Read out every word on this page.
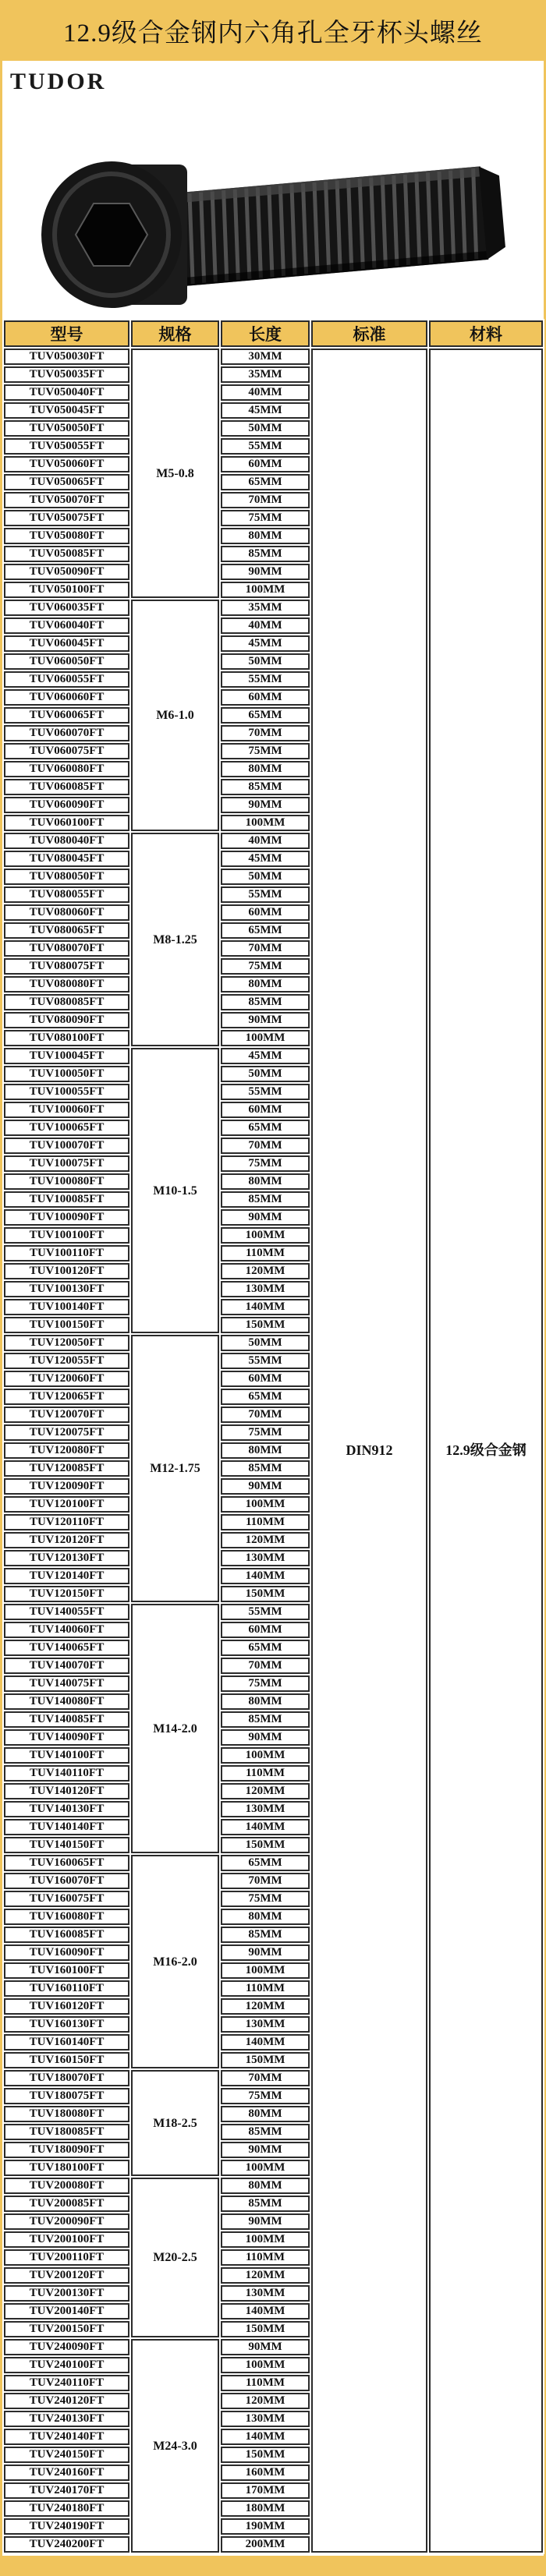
12.9级合金钢内六角孔全牙杯头螺丝
TUDOR
型号	规格	长度	标准	材料
TUV050030FT	M5-0.8	30MM	DIN912	12.9级合金钢
TUV050035FT		35MM		
TUV050040FT		40MM		
TUV050045FT		45MM		
TUV050050FT		50MM		
TUV050055FT		55MM		
TUV050060FT		60MM		
TUV050065FT		65MM		
TUV050070FT		70MM		
TUV050075FT		75MM		
TUV050080FT		80MM		
TUV050085FT		85MM		
TUV050090FT		90MM		
TUV050100FT		100MM		
TUV060035FT	M6-1.0	35MM		
TUV060040FT		40MM		
TUV060045FT		45MM		
TUV060050FT		50MM		
TUV060055FT		55MM		
TUV060060FT		60MM		
TUV060065FT		65MM		
TUV060070FT		70MM		
TUV060075FT		75MM		
TUV060080FT		80MM		
TUV060085FT		85MM		
TUV060090FT		90MM		
TUV060100FT		100MM		
TUV080040FT	M8-1.25	40MM		
TUV080045FT		45MM		
TUV080050FT		50MM		
TUV080055FT		55MM		
TUV080060FT		60MM		
TUV080065FT		65MM		
TUV080070FT		70MM		
TUV080075FT		75MM		
TUV080080FT		80MM		
TUV080085FT		85MM		
TUV080090FT		90MM		
TUV080100FT		100MM		
TUV100045FT	M10-1.5	45MM		
TUV100050FT		50MM		
TUV100055FT		55MM		
TUV100060FT		60MM		
TUV100065FT		65MM		
TUV100070FT		70MM		
TUV100075FT		75MM		
TUV100080FT		80MM		
TUV100085FT		85MM		
TUV100090FT		90MM		
TUV100100FT		100MM		
TUV100110FT		110MM		
TUV100120FT		120MM		
TUV100130FT		130MM		
TUV100140FT		140MM		
TUV100150FT		150MM		
TUV120050FT	M12-1.75	50MM		
TUV120055FT		55MM		
TUV120060FT		60MM		
TUV120065FT		65MM		
TUV120070FT		70MM		
TUV120075FT		75MM		
TUV120080FT		80MM		
TUV120085FT		85MM		
TUV120090FT		90MM		
TUV120100FT		100MM		
TUV120110FT		110MM		
TUV120120FT		120MM		
TUV120130FT		130MM		
TUV120140FT		140MM		
TUV120150FT		150MM		
TUV140055FT	M14-2.0	55MM		
TUV140060FT		60MM		
TUV140065FT		65MM		
TUV140070FT		70MM		
TUV140075FT		75MM		
TUV140080FT		80MM		
TUV140085FT		85MM		
TUV140090FT		90MM		
TUV140100FT		100MM		
TUV140110FT		110MM		
TUV140120FT		120MM		
TUV140130FT		130MM		
TUV140140FT		140MM		
TUV140150FT		150MM		
TUV160065FT	M16-2.0	65MM		
TUV160070FT		70MM		
TUV160075FT		75MM		
TUV160080FT		80MM		
TUV160085FT		85MM		
TUV160090FT		90MM		
TUV160100FT		100MM		
TUV160110FT		110MM		
TUV160120FT		120MM		
TUV160130FT		130MM		
TUV160140FT		140MM		
TUV160150FT		150MM		
TUV180070FT	M18-2.5	70MM		
TUV180075FT		75MM		
TUV180080FT		80MM		
TUV180085FT		85MM		
TUV180090FT		90MM		
TUV180100FT		100MM		
TUV200080FT	M20-2.5	80MM		
TUV200085FT		85MM		
TUV200090FT		90MM		
TUV200100FT		100MM		
TUV200110FT		110MM		
TUV200120FT		120MM		
TUV200130FT		130MM		
TUV200140FT		140MM		
TUV200150FT		150MM		
TUV240090FT	M24-3.0	90MM		
TUV240100FT		100MM		
TUV240110FT		110MM		
TUV240120FT		120MM		
TUV240130FT		130MM		
TUV240140FT		140MM		
TUV240150FT		150MM		
TUV240160FT		160MM		
TUV240170FT		170MM		
TUV240180FT		180MM		
TUV240190FT		190MM		
TUV240200FT		200MM		
